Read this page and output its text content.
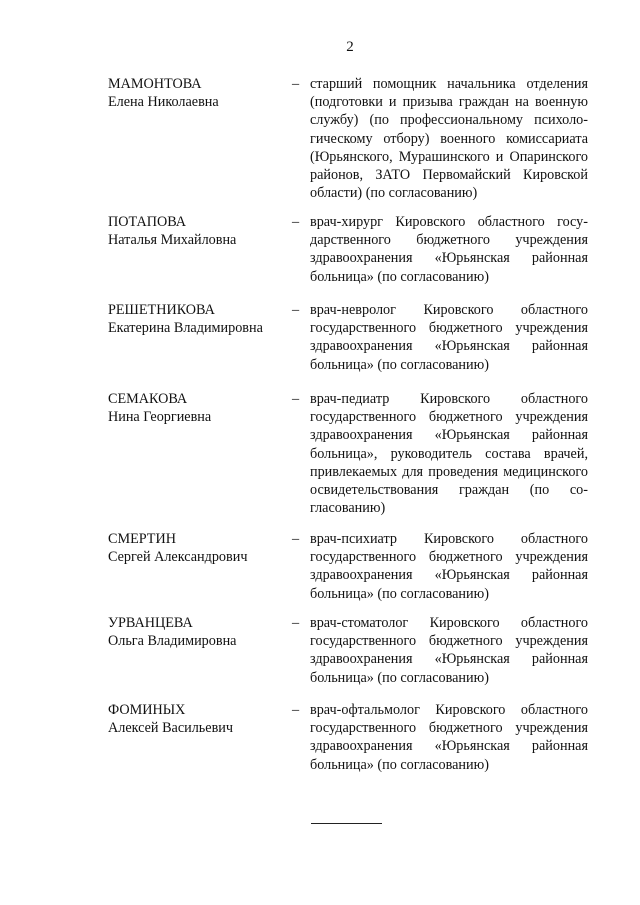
2
МАМОНТОВА
Елена Николаевна
– старший помощник начальника отделения (подготовки и призыва граждан на военную службу) (по профессиональному психологическому отбору) военного комиссариата (Юрьянского, Мурашинского и Опаринского районов, ЗАТО Первомайский Кировской области) (по согласованию)
ПОТАПОВА
Наталья Михайловна
– врач-хирург Кировского областного государственного бюджетного учреждения здравоохранения «Юрьянская районная больница» (по согласованию)
РЕШЕТНИКОВА
Екатерина Владимировна
– врач-невролог Кировского областного государственного бюджетного учреждения здравоохранения «Юрьянская районная больница» (по согласованию)
СЕМАКОВА
Нина Георгиевна
– врач-педиатр Кировского областного государственного бюджетного учреждения здравоохранения «Юрьянская районная больница», руководитель состава врачей, привлекаемых для проведения медицинского освидетельствования граждан (по согласованию)
СМЕРТИН
Сергей Александрович
– врач-психиатр Кировского областного государственного бюджетного учреждения здравоохранения «Юрьянская районная больница» (по согласованию)
УРВАНЦЕВА
Ольга Владимировна
– врач-стоматолог Кировского областного государственного бюджетного учреждения здравоохранения «Юрьянская районная больница» (по согласованию)
ФОМИНЫХ
Алексей Васильевич
– врач-офтальмолог Кировского областного государственного бюджетного учреждения здравоохранения «Юрьянская районная больница» (по согласованию)
